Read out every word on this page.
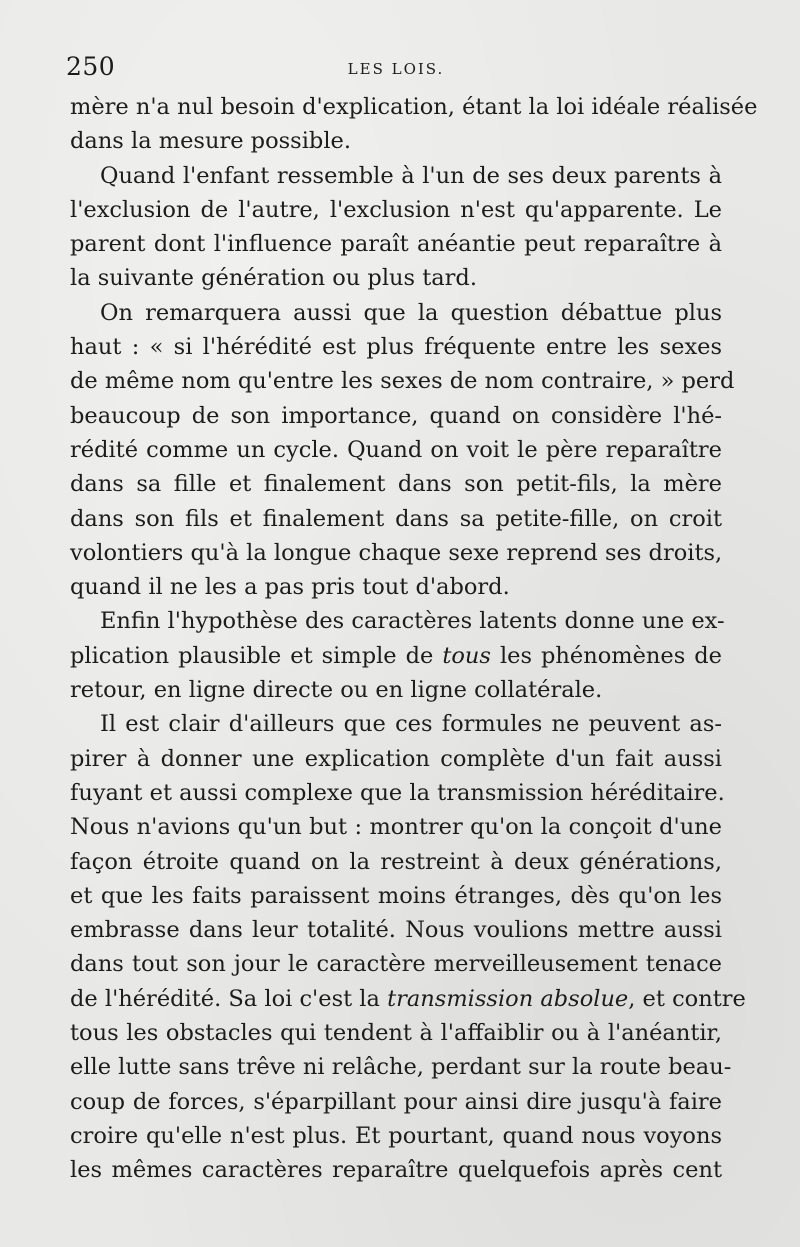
250	LES LOIS.
mère n'a nul besoin d'explication, étant la loi idéale réalisée
dans la mesure possible.
Quand l'enfant ressemble à l'un de ses deux parents à
l'exclusion de l'autre, l'exclusion n'est qu'apparente. Le
parent dont l'influence paraît anéantie peut reparaître à
la suivante génération ou plus tard.
On remarquera aussi que la question débattue plus
haut : « si l'hérédité est plus fréquente entre les sexes
de même nom qu'entre les sexes de nom contraire, » perd
beaucoup de son importance, quand on considère l'hé-
rédité comme un cycle. Quand on voit le père reparaître
dans sa fille et finalement dans son petit-fils, la mère
dans son fils et finalement dans sa petite-fille, on croit
volontiers qu'à la longue chaque sexe reprend ses droits,
quand il ne les a pas pris tout d'abord.
Enfin l'hypothèse des caractères latents donne une ex-
plication plausible et simple de tous les phénomènes de
retour, en ligne directe ou en ligne collatérale.
Il est clair d'ailleurs que ces formules ne peuvent as-
pirer à donner une explication complète d'un fait aussi
fuyant et aussi complexe que la transmission héréditaire.
Nous n'avions qu'un but : montrer qu'on la conçoit d'une
façon étroite quand on la restreint à deux générations,
et que les faits paraissent moins étranges, dès qu'on les
embrasse dans leur totalité. Nous voulions mettre aussi
dans tout son jour le caractère merveilleusement tenace
de l'hérédité. Sa loi c'est la transmission absolue, et contre
tous les obstacles qui tendent à l'affaiblir ou à l'anéantir,
elle lutte sans trêve ni relâche, perdant sur la route beau-
coup de forces, s'éparpillant pour ainsi dire jusqu'à faire
croire qu'elle n'est plus. Et pourtant, quand nous voyons
les mêmes caractères reparaître quelquefois après cent
